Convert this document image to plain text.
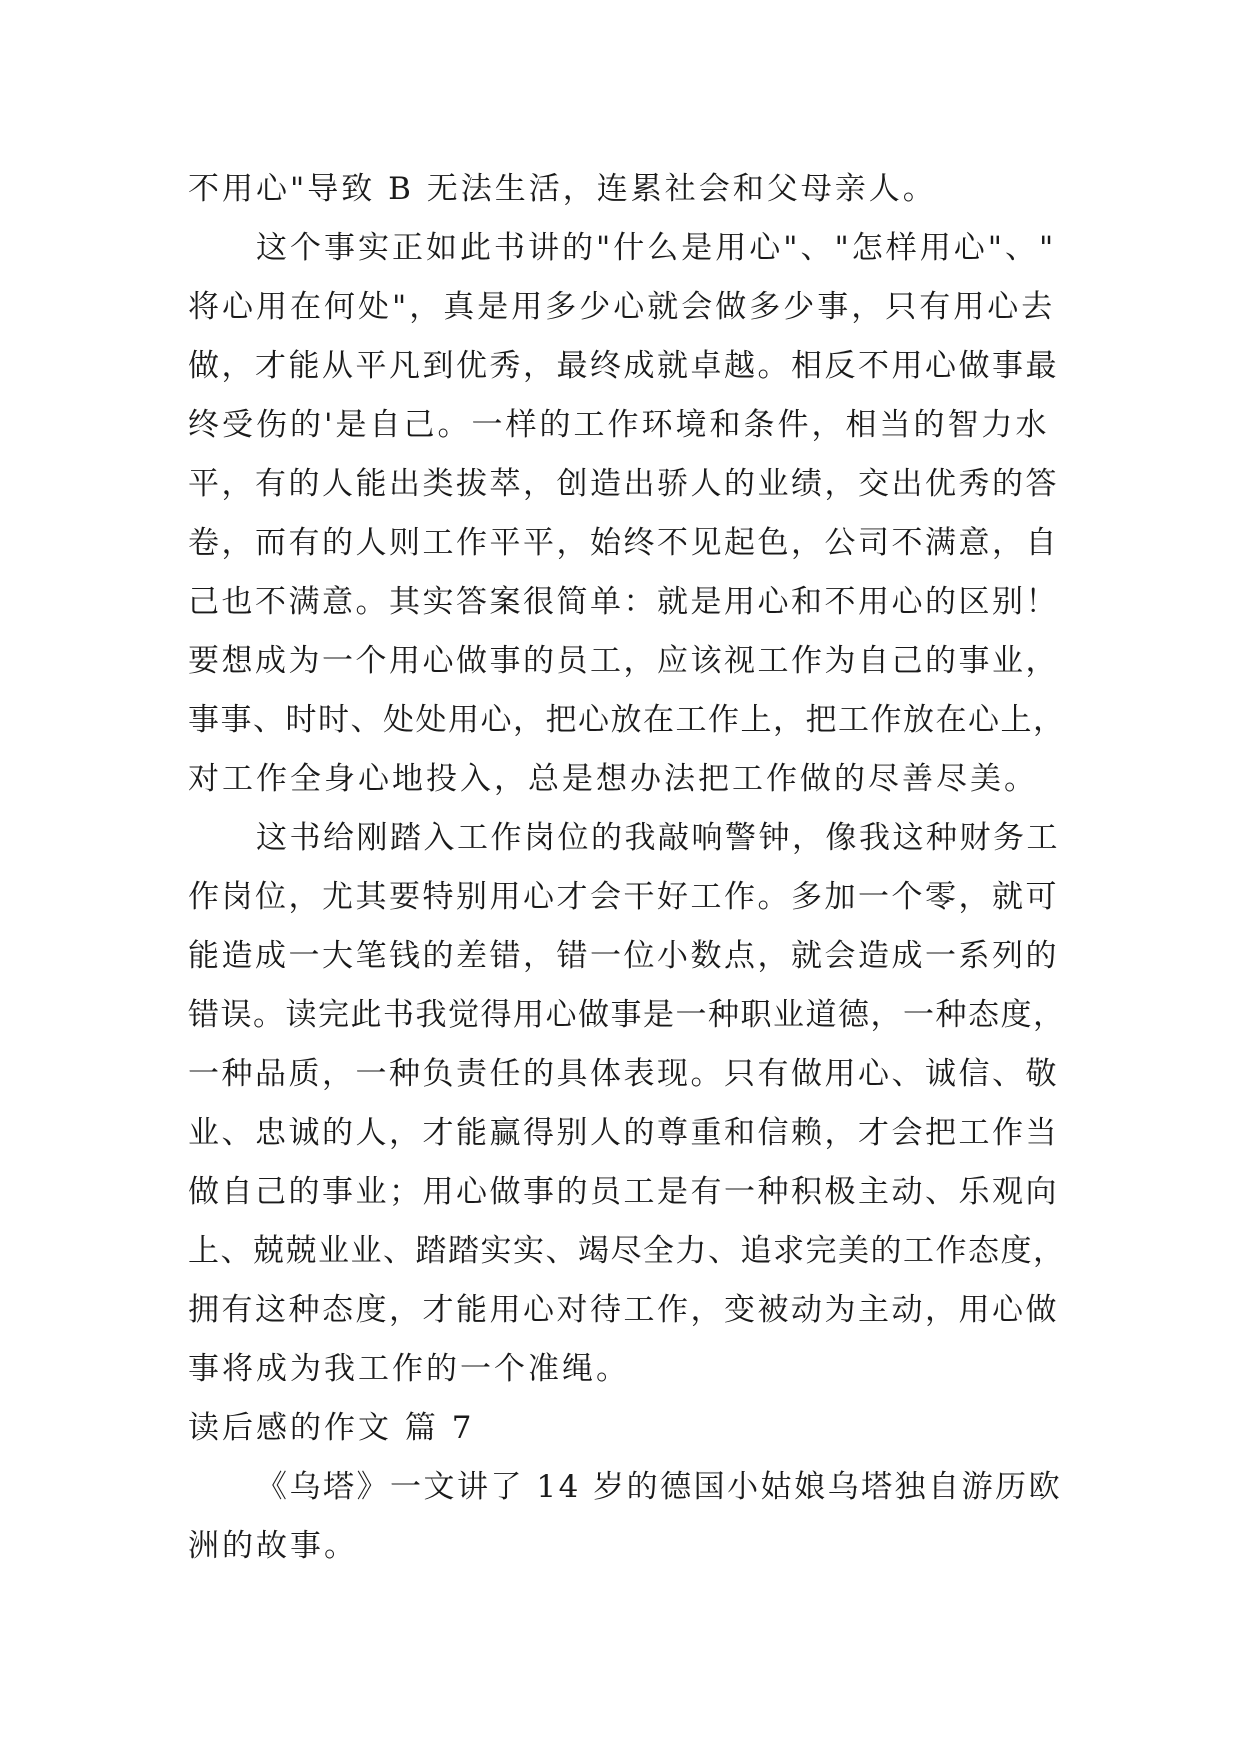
不用心"导致 B 无法生活，连累社会和父母亲人。
这个事实正如此书讲的"什么是用心"、"怎样用心"、"
将心用在何处"，真是用多少心就会做多少事，只有用心去
做，才能从平凡到优秀，最终成就卓越。相反不用心做事最
终受伤的'是自己。一样的工作环境和条件，相当的智力水
平，有的人能出类拔萃，创造出骄人的业绩，交出优秀的答
卷，而有的人则工作平平，始终不见起色，公司不满意，自
己也不满意。其实答案很简单：就是用心和不用心的区别！
要想成为一个用心做事的员工，应该视工作为自己的事业，
事事、时时、处处用心，把心放在工作上，把工作放在心上，
对工作全身心地投入，总是想办法把工作做的尽善尽美。
这书给刚踏入工作岗位的我敲响警钟，像我这种财务工
作岗位，尤其要特别用心才会干好工作。多加一个零，就可
能造成一大笔钱的差错，错一位小数点，就会造成一系列的
错误。读完此书我觉得用心做事是一种职业道德，一种态度，
一种品质，一种负责任的具体表现。只有做用心、诚信、敬
业、忠诚的人，才能赢得别人的尊重和信赖，才会把工作当
做自己的事业；用心做事的员工是有一种积极主动、乐观向
上、兢兢业业、踏踏实实、竭尽全力、追求完美的工作态度，
拥有这种态度，才能用心对待工作，变被动为主动，用心做
事将成为我工作的一个准绳。
读后感的作文 篇 7
《乌塔》一文讲了 14 岁的德国小姑娘乌塔独自游历欧
洲的故事。
